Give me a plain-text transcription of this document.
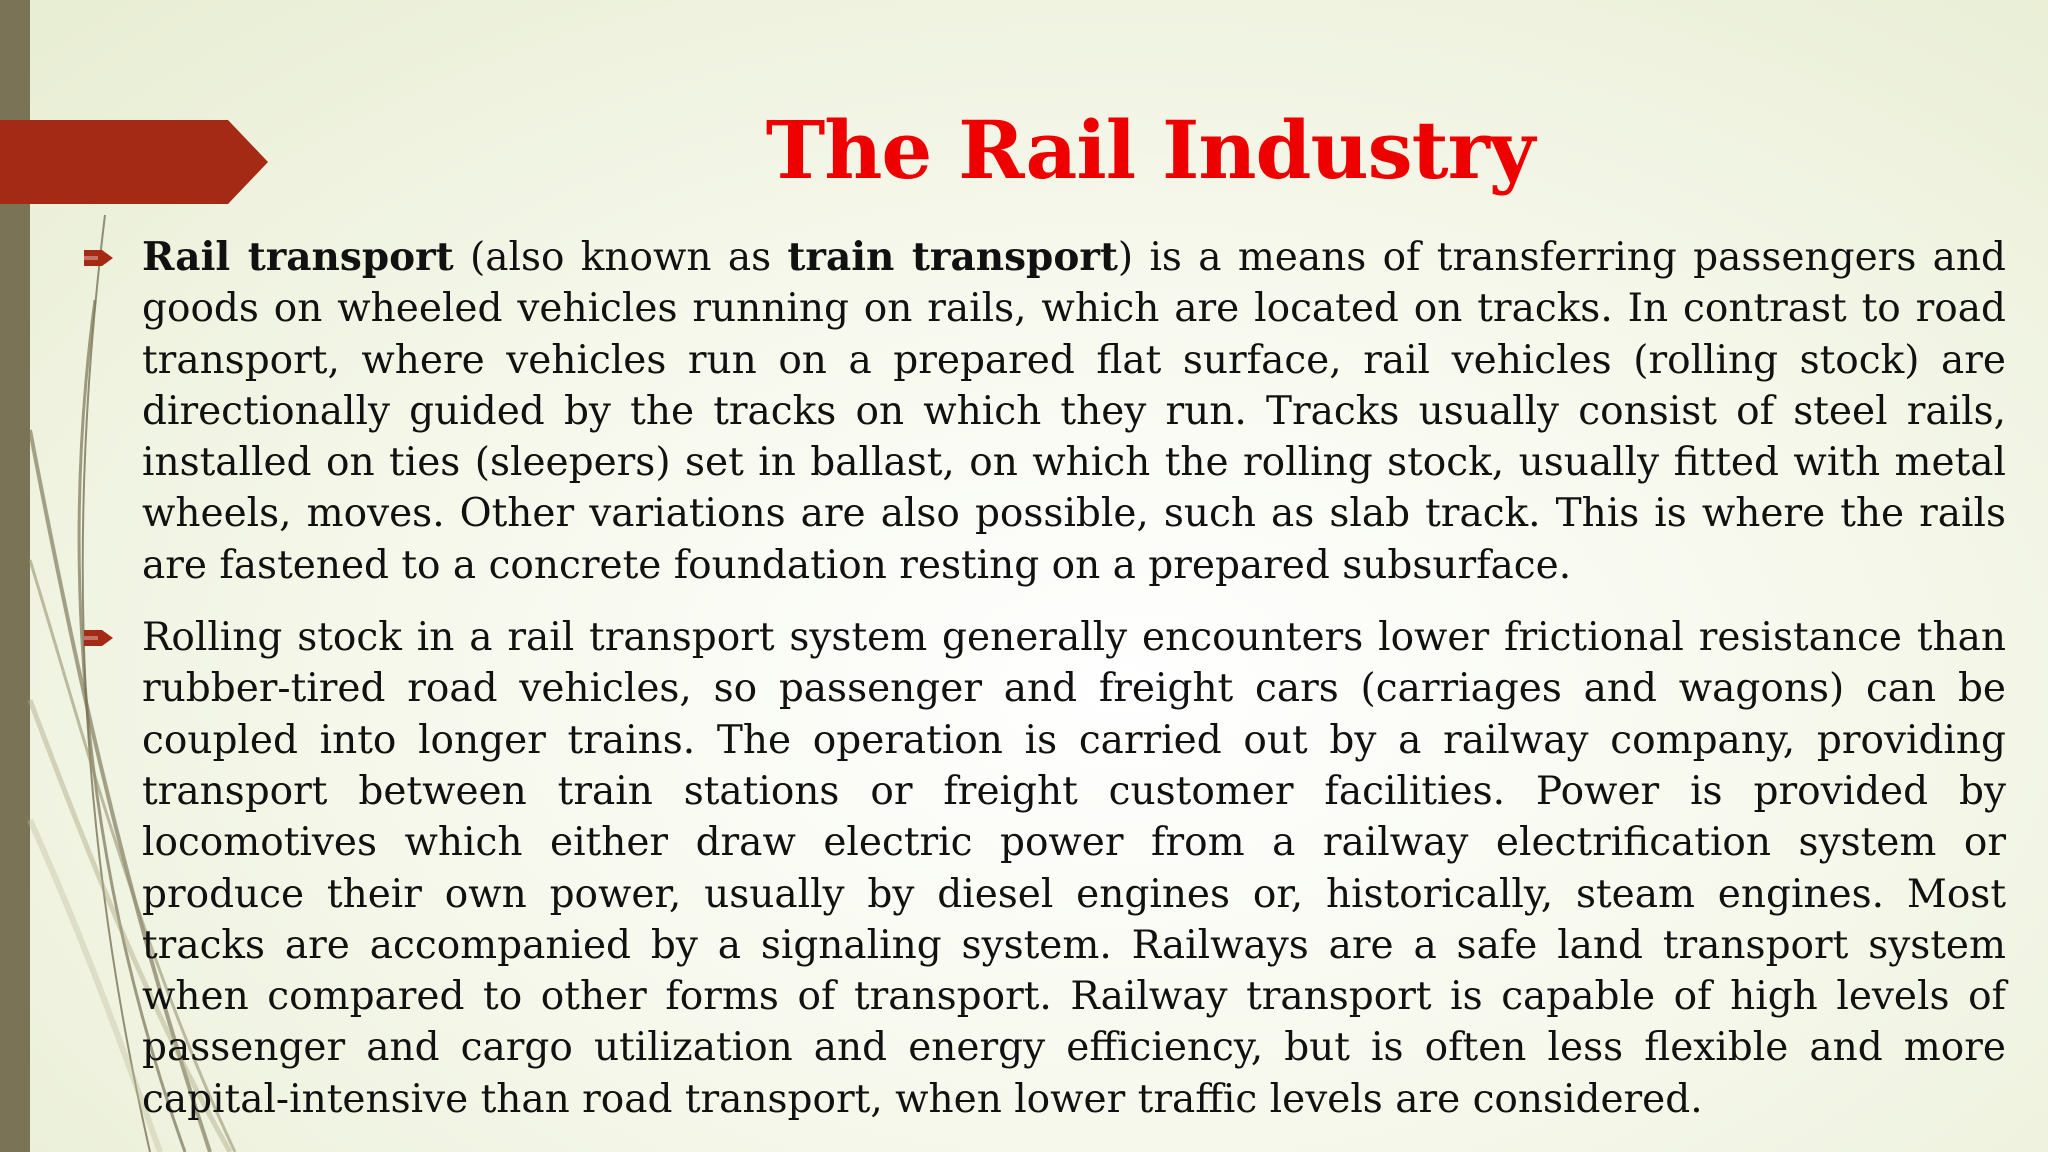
The Rail Industry
Rail transport (also known as train transport) is a means of transferring passengers and goods on wheeled vehicles running on rails, which are located on tracks. In contrast to road transport, where vehicles run on a prepared flat surface, rail vehicles (rolling stock) are directionally guided by the tracks on which they run. Tracks usually consist of steel rails, installed on ties (sleepers) set in ballast, on which the rolling stock, usually fitted with metal wheels, moves. Other variations are also possible, such as slab track. This is where the rails are fastened to a concrete foundation resting on a prepared subsurface.
Rolling stock in a rail transport system generally encounters lower frictional resistance than rubber-tired road vehicles, so passenger and freight cars (carriages and wagons) can be coupled into longer trains. The operation is carried out by a railway company, providing transport between train stations or freight customer facilities. Power is provided by locomotives which either draw electric power from a railway electrification system or produce their own power, usually by diesel engines or, historically, steam engines. Most tracks are accompanied by a signaling system. Railways are a safe land transport system when compared to other forms of transport. Railway transport is capable of high levels of passenger and cargo utilization and energy efficiency, but is often less flexible and more capital-intensive than road transport, when lower traffic levels are considered.
